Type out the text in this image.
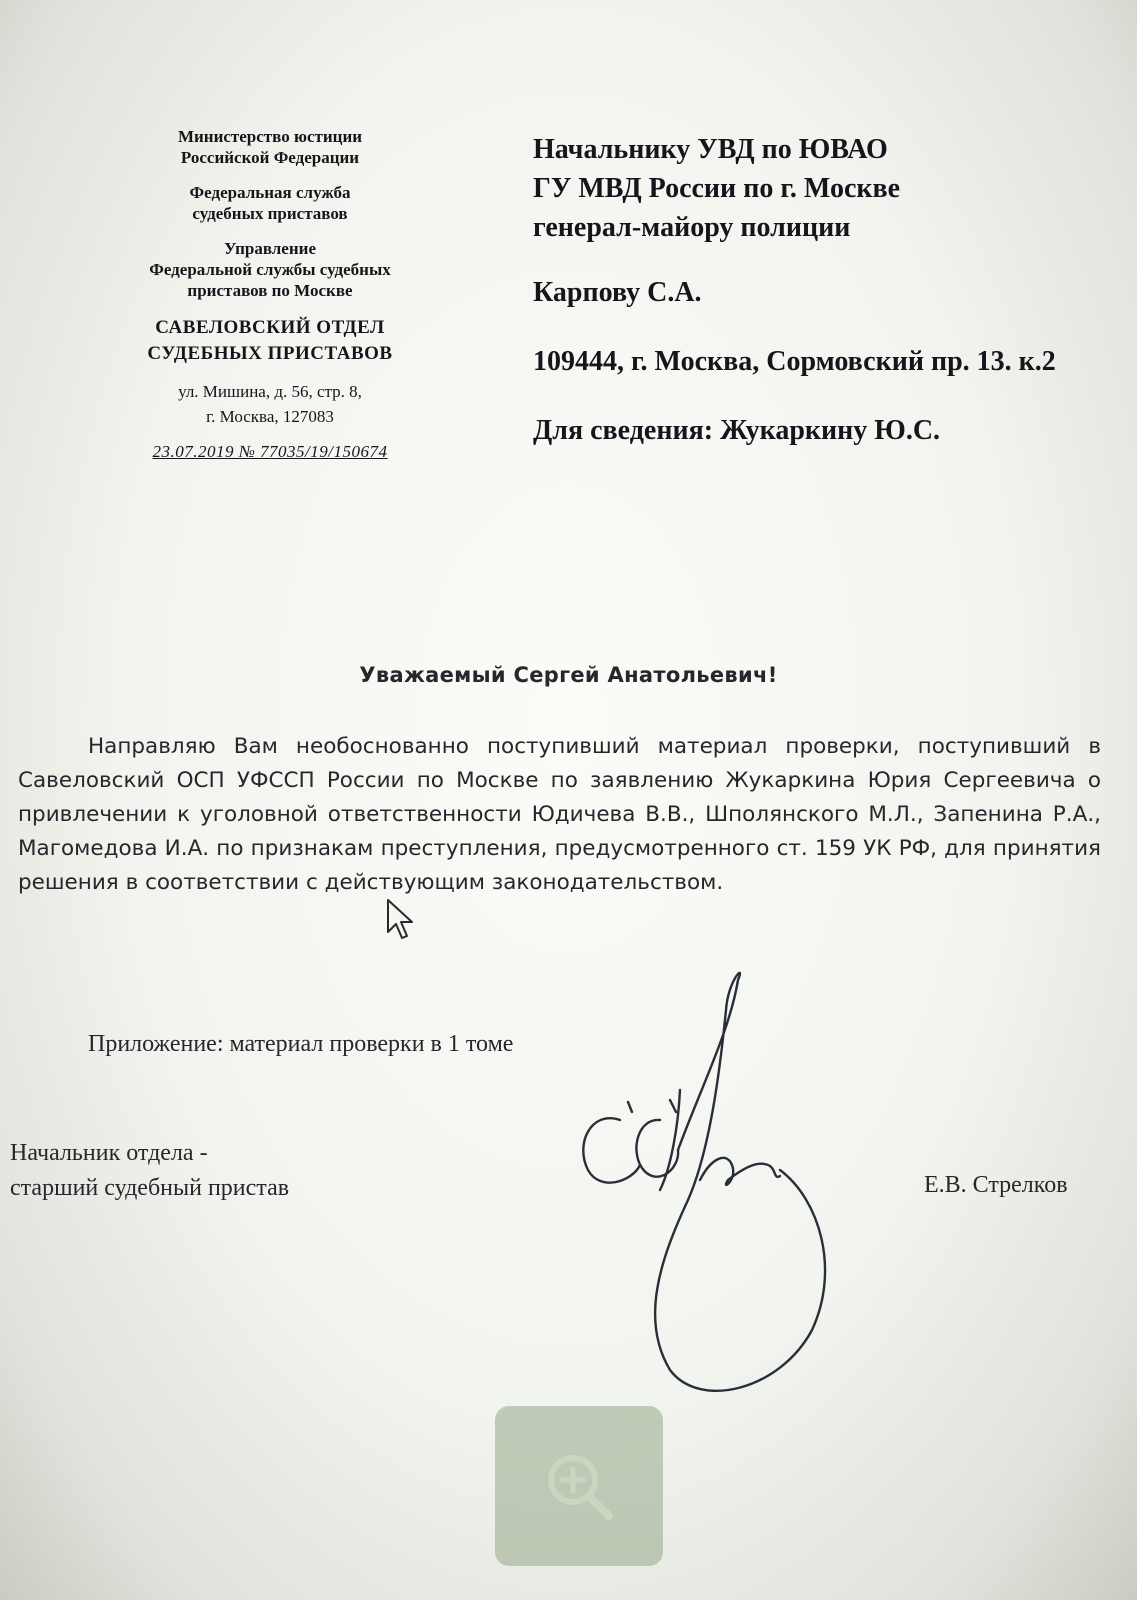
Министерство юстиции
Российской Федерации
Федеральная служба
судебных приставов
Управление
Федеральной службы судебных
приставов по Москве
САВЕЛОВСКИЙ ОТДЕЛ
СУДЕБНЫХ ПРИСТАВОВ
ул. Мишина, д. 56, стр. 8,
г. Москва, 127083
23.07.2019 № 77035/19/150674
Начальнику УВД по ЮВАО
ГУ МВД России по г. Москве
генерал-майору полиции
Карпову С.А.
109444, г. Москва, Сормовский пр. 13. к.2
Для сведения: Жукаркину Ю.С.
Уважаемый Сергей Анатольевич!
Направляю Вам необоснованно поступивший материал проверки, поступивший в Савеловский ОСП УФССП России по Москве по заявлению Жукаркина Юрия Сергеевича о привлечении к уголовной ответственности Юдичева В.В., Шполянского М.Л., Запенина Р.А., Магомедова И.А. по признакам преступления, предусмотренного ст. 159 УК РФ, для принятия решения в соответствии с действующим законодательством.
Приложение: материал проверки в 1 томе
Начальник отдела -
старший судебный пристав	Е.В. Стрелков
